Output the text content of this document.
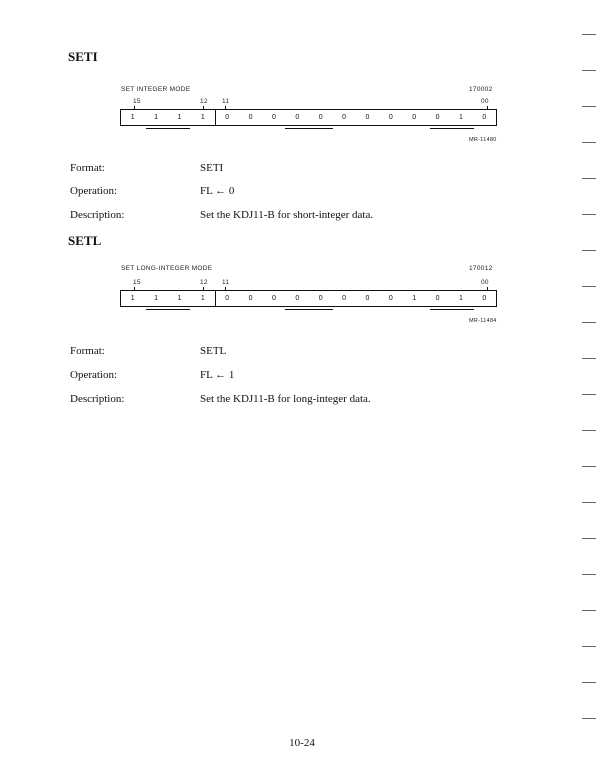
SETI
SET INTEGER MODE	170002
15	12 11	00
1	1	1	1	0	0	0	0	0	0	0	0	0	0	1	0
MR-11480
Format:	SETI
Operation:	FL ← 0
Description:	Set the KDJ11-B for short-integer data.
SETL
SET LONG-INTEGER MODE	170012
15	12 11	00
1	1	1	1	0	0	0	0	0	0	0	0	1	0	1	0
MR-11484
Format:	SETL
Operation:	FL ← 1
Description:	Set the KDJ11-B for long-integer data.
10-24
